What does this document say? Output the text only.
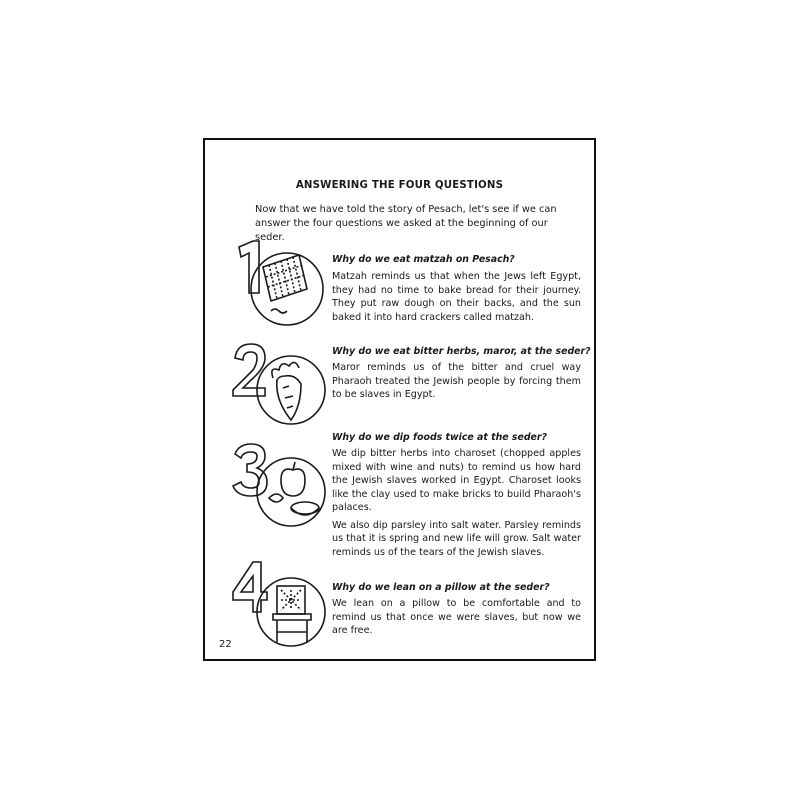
ANSWERING THE FOUR QUESTIONS
Now that we have told the story of Pesach, let's see if we can answer the four questions we asked at the beginning of our seder.
Why do we eat matzah on Pesach?

Matzah reminds us that when the Jews left Egypt, they had no time to bake bread for their journey. They put raw dough on their backs, and the sun baked it into hard crackers called matzah.

Why do we eat bitter herbs, maror, at the seder?

Maror reminds us of the bitter and cruel way Pharaoh treated the Jewish people by forcing them to be slaves in Egypt.

Why do we dip foods twice at the seder?

We dip bitter herbs into charoset (chopped apples mixed with wine and nuts) to remind us how hard the Jewish slaves worked in Egypt. Charoset looks like the clay used to make bricks to build Pharaoh's palaces.

We also dip parsley into salt water. Parsley reminds us that it is spring and new life will grow. Salt water reminds us of the tears of the Jewish slaves.

Why do we lean on a pillow at the seder?

We lean on a pillow to be comfortable and to remind us that once we were slaves, but now we are free.

22
